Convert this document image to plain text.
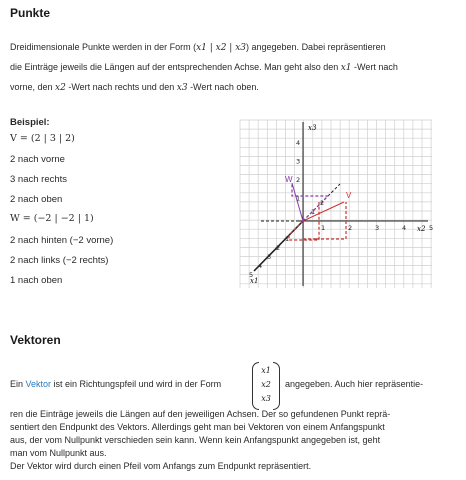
Punkte
Dreidimensionale Punkte werden in der Form (x1 | x2 | x3) angegeben. Dabei repräsentieren
die Einträge jeweils die Längen auf der entsprechenden Achse. Man geht also den x1 -Wert nach
vorne, den x2 -Wert nach rechts und den x3 -Wert nach oben.
Beispiel:
V = (2 | 3 | 2)
2 nach vorne
3 nach rechts
2 nach oben
W = (−2 | −2 | 1)
2 nach hinten (−2 vorne)
2 nach links (−2 rechts)
1 nach oben
1	2	3	4	5
1
2
3
4
1
2
3
4
5
1
2
x3
x2
x1
V
W
Vektoren
Ein Vektor ist ein Richtungspfeil und wird in der Form
x1
x2
x3
angegeben. Auch hier repräsentie-
ren die Einträge jeweils die Längen auf den jeweiligen Achsen. Der so gefundenen Punkt reprä-
sentiert den Endpunkt des Vektors. Allerdings geht man bei Vektoren von einem Anfangspunkt
aus, der vom Nullpunkt verschieden sein kann. Wenn kein Anfangspunkt angegeben ist, geht
man vom Nullpunkt aus.
Der Vektor wird durch einen Pfeil vom Anfangs zum Endpunkt repräsentiert.
